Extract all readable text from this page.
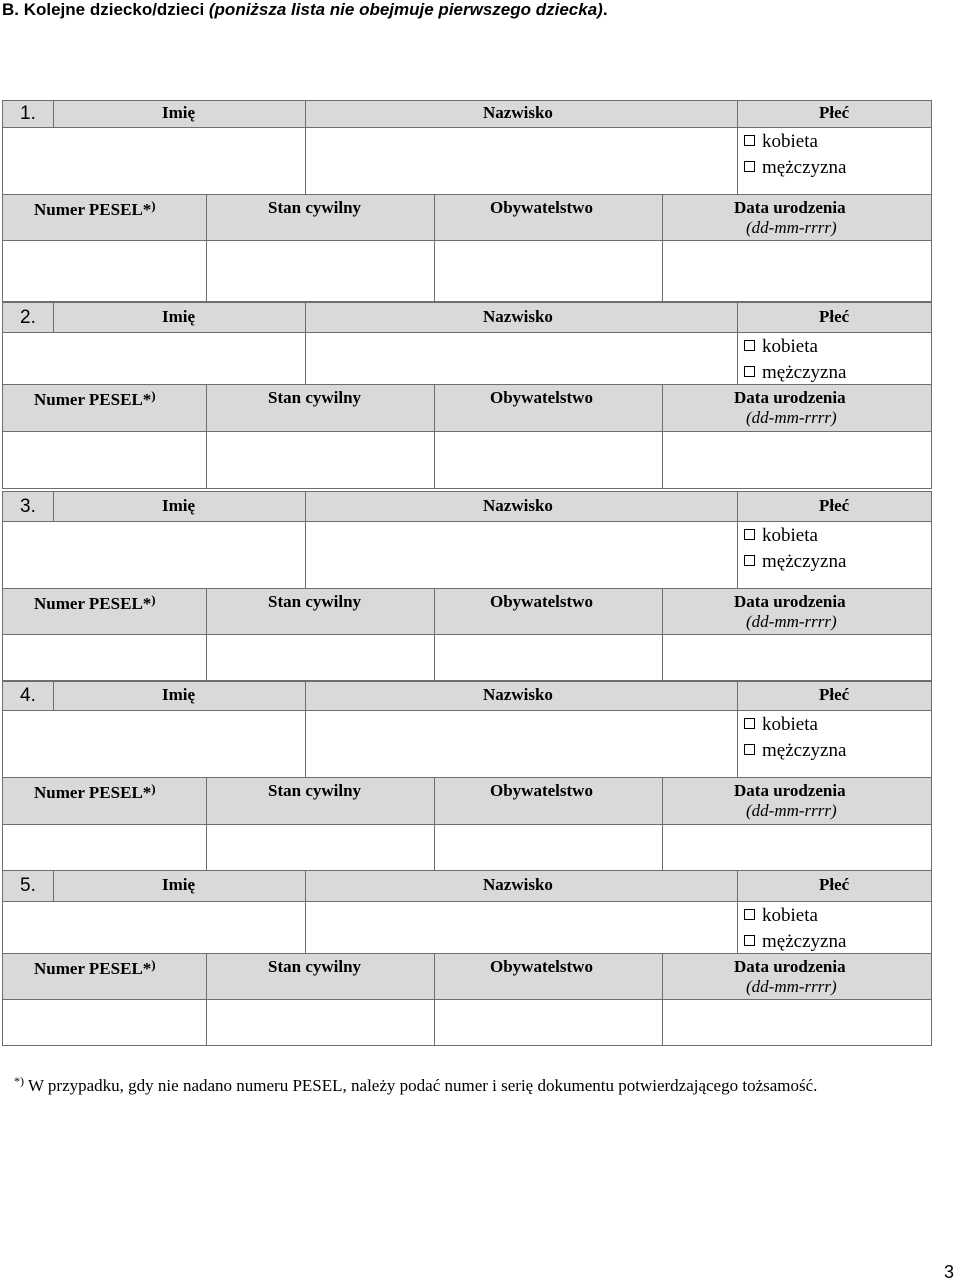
B. Kolejne dziecko/dzieci (poniższa lista nie obejmuje pierwszego dziecka).
1.	Imię	Nazwisko	Płeć
kobieta
mężczyzna
Numer PESEL*)	Stan cywilny	Obywatelstwo	Data urodzenia
(dd-mm-rrrr)
2.	Imię	Nazwisko	Płeć
kobieta
mężczyzna
Numer PESEL*)	Stan cywilny	Obywatelstwo	Data urodzenia
(dd-mm-rrrr)
3.	Imię	Nazwisko	Płeć
kobieta
mężczyzna
Numer PESEL*)	Stan cywilny	Obywatelstwo	Data urodzenia
(dd-mm-rrrr)
4.	Imię	Nazwisko	Płeć
kobieta
mężczyzna
Numer PESEL*)	Stan cywilny	Obywatelstwo	Data urodzenia
(dd-mm-rrrr)
5.	Imię	Nazwisko	Płeć
kobieta
mężczyzna
Numer PESEL*)	Stan cywilny	Obywatelstwo	Data urodzenia
(dd-mm-rrrr)
*) W przypadku, gdy nie nadano numeru PESEL, należy podać numer i serię dokumentu potwierdzającego tożsamość.
3
